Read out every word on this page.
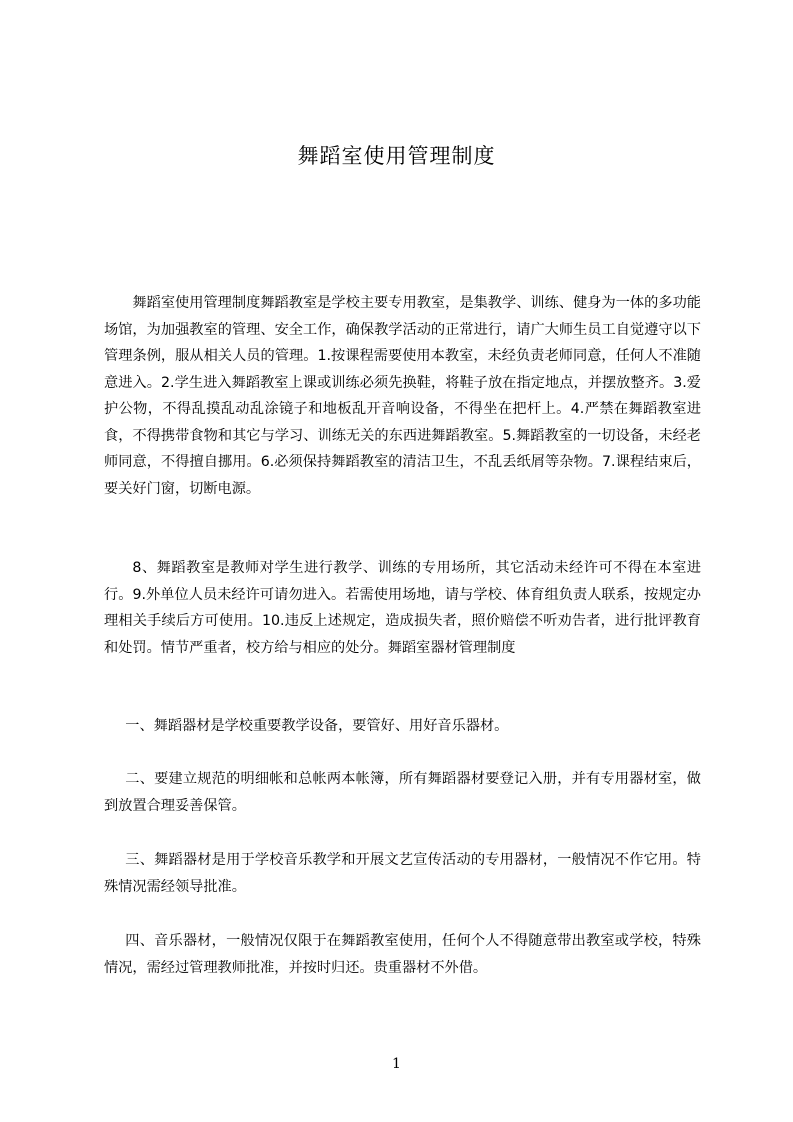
舞蹈室使用管理制度
舞蹈室使用管理制度舞蹈教室是学校主要专用教室，是集教学、训练、健身为一体的多功能场馆，为加强教室的管理、安全工作，确保教学活动的正常进行，请广大师生员工自觉遵守以下管理条例，服从相关人员的管理。1.按课程需要使用本教室，未经负责老师同意，任何人不准随意进入。2.学生进入舞蹈教室上课或训练必须先换鞋，将鞋子放在指定地点，并摆放整齐。3.爱护公物，不得乱摸乱动乱涂镜子和地板乱开音响设备，不得坐在把杆上。4.严禁在舞蹈教室进食，不得携带食物和其它与学习、训练无关的东西进舞蹈教室。5.舞蹈教室的一切设备，未经老师同意，不得擅自挪用。6.必须保持舞蹈教室的清洁卫生，不乱丢纸屑等杂物。7.课程结束后，要关好门窗，切断电源。
8、舞蹈教室是教师对学生进行教学、训练的专用场所，其它活动未经许可不得在本室进行。9.外单位人员未经许可请勿进入。若需使用场地，请与学校、体育组负责人联系，按规定办理相关手续后方可使用。10.违反上述规定，造成损失者，照价赔偿不听劝告者，进行批评教育和处罚。情节严重者，校方给与相应的处分。舞蹈室器材管理制度
一、舞蹈器材是学校重要教学设备，要管好、用好音乐器材。
二、要建立规范的明细帐和总帐两本帐簿，所有舞蹈器材要登记入册，并有专用器材室，做到放置合理妥善保管。
三、舞蹈器材是用于学校音乐教学和开展文艺宣传活动的专用器材，一般情况不作它用。特殊情况需经领导批准。
四、音乐器材，一般情况仅限于在舞蹈教室使用，任何个人不得随意带出教室或学校，特殊情况，需经过管理教师批准，并按时归还。贵重器材不外借。
1
